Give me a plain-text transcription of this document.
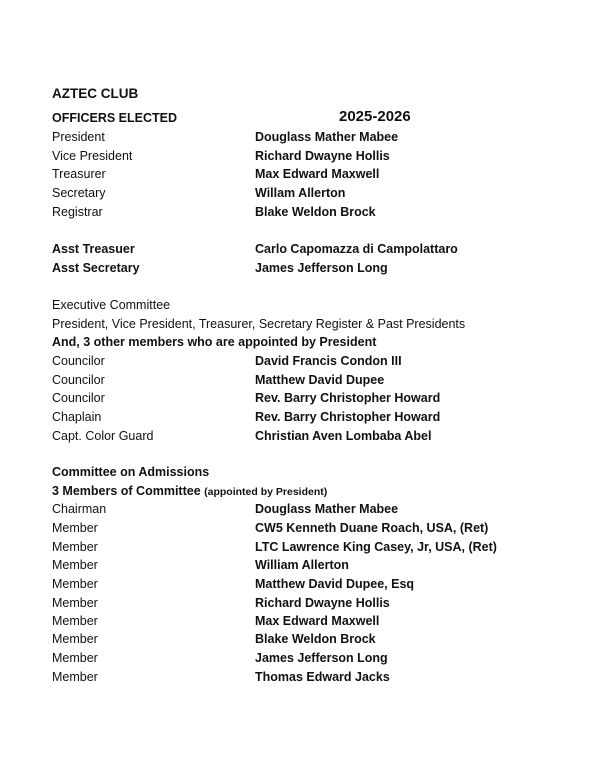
AZTEC CLUB
OFFICERS ELECTED	2025-2026
President	Douglass Mather Mabee
Vice President	Richard Dwayne Hollis
Treasurer	Max Edward Maxwell
Secretary	Willam Allerton
Registrar	Blake Weldon Brock
Asst Treasuer	Carlo Capomazza di Campolattaro
Asst Secretary	James Jefferson Long
Executive Committee
President, Vice President, Treasurer, Secretary Register & Past Presidents
And, 3 other members who are appointed by President
Councilor	David Francis Condon III
Councilor	Matthew David Dupee
Councilor	Rev. Barry Christopher Howard
Chaplain	Rev. Barry Christopher Howard
Capt. Color Guard	Christian Aven Lombaba Abel
Committee on Admissions
3 Members of Committee (appointed by President)
Chairman	Douglass Mather Mabee
Member	CW5 Kenneth Duane Roach, USA, (Ret)
Member	LTC Lawrence King Casey, Jr, USA, (Ret)
Member	William Allerton
Member	Matthew David Dupee, Esq
Member	Richard Dwayne Hollis
Member	Max Edward Maxwell
Member	Blake Weldon Brock
Member	James Jefferson Long
Member	Thomas Edward Jacks
